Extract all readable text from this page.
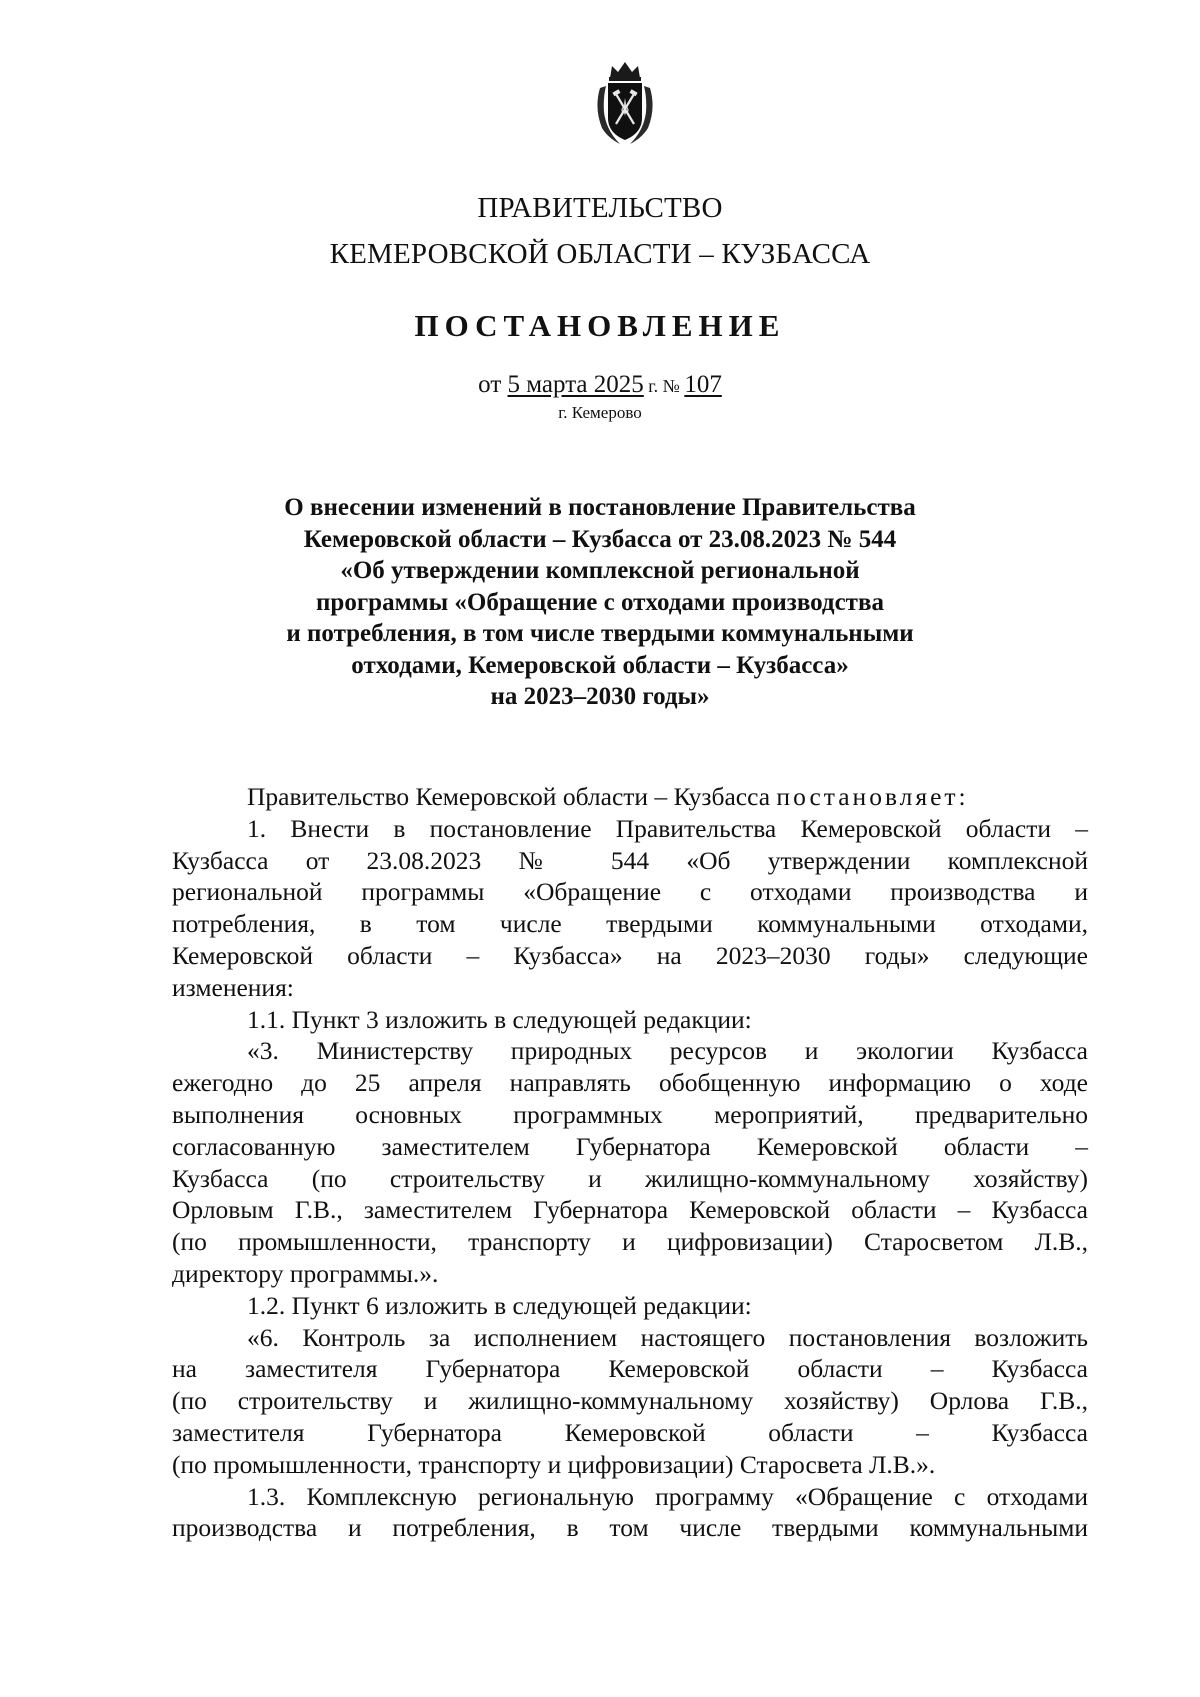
ПРАВИТЕЛЬСТВО
КЕМЕРОВСКОЙ ОБЛАСТИ – КУЗБАССА
ПОСТАНОВЛЕНИЕ
от 5 марта 2025 г. № 107
г. Кемерово
О внесении изменений в постановление Правительства
Кемеровской области – Кузбасса от 23.08.2023 № 544
«Об утверждении комплексной региональной
программы «Обращение с отходами производства
и потребления, в том числе твердыми коммунальными
отходами, Кемеровской области – Кузбасса»
на 2023–2030 годы»
Правительство Кемеровской области – Кузбасса постановляет:
1. Внести в постановление Правительства Кемеровской области –
Кузбасса от 23.08.2023 № 544 «Об утверждении комплексной
региональной программы «Обращение с отходами производства и
потребления, в том числе твердыми коммунальными отходами,
Кемеровской области – Кузбасса» на 2023–2030 годы» следующие
изменения:
1.1. Пункт 3 изложить в следующей редакции:
«3. Министерству природных ресурсов и экологии Кузбасса
ежегодно до 25 апреля направлять обобщенную информацию о ходе
выполнения основных программных мероприятий, предварительно
согласованную заместителем Губернатора Кемеровской области –
Кузбасса (по строительству и жилищно-коммунальному хозяйству)
Орловым Г.В., заместителем Губернатора Кемеровской области – Кузбасса
(по промышленности, транспорту и цифровизации) Старосветом Л.В.,
директору программы.».
1.2. Пункт 6 изложить в следующей редакции:
«6. Контроль за исполнением настоящего постановления возложить
на заместителя Губернатора Кемеровской области – Кузбасса
(по строительству и жилищно-коммунальному хозяйству) Орлова Г.В.,
заместителя Губернатора Кемеровской области – Кузбасса
(по промышленности, транспорту и цифровизации) Старосвета Л.В.».
1.3. Комплексную региональную программу «Обращение с отходами
производства и потребления, в том числе твердыми коммунальными
